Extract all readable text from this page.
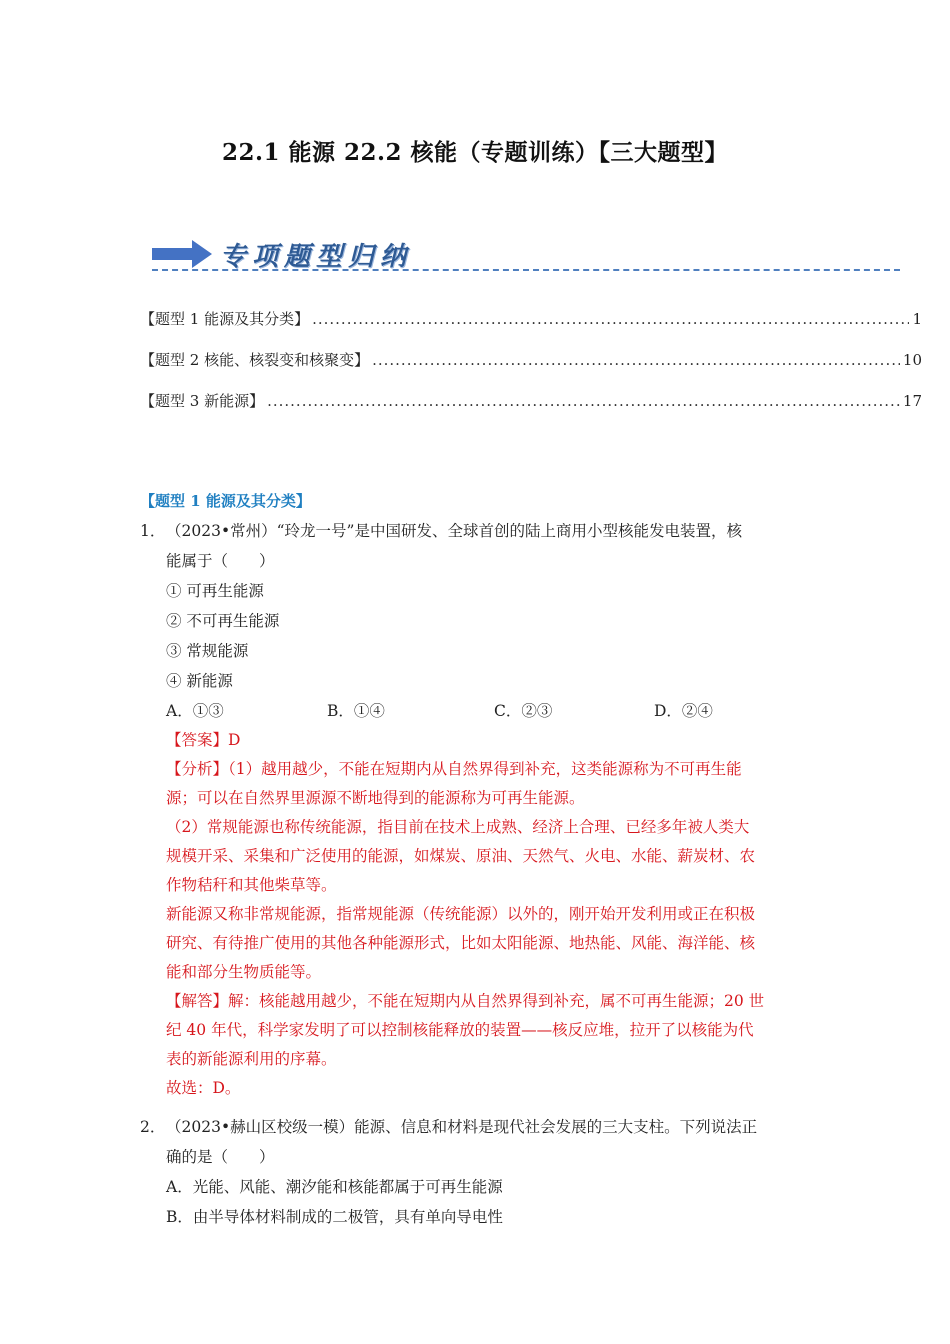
22.1 能源 22.2 核能（专题训练）【三大题型】
专项题型归纳
【题型 1 能源及其分类】 .....	1
【题型 2 核能、核裂变和核聚变】 .....	10
【题型 3 新能源】 .....	17
【题型 1 能源及其分类】
1． （2023•常州）“玲龙一号”是中国研发、全球首创的陆上商用小型核能发电装置，核
能属于（　　）
① 可再生能源
② 不可再生能源
③ 常规能源
④ 新能源
A．①③	B．①④	C．②③	D．②④
【答案】D
【分析】（1）越用越少，不能在短期内从自然界得到补充，这类能源称为不可再生能
源；可以在自然界里源源不断地得到的能源称为可再生能源。
（2）常规能源也称传统能源，指目前在技术上成熟、经济上合理、已经多年被人类大
规模开采、采集和广泛使用的能源，如煤炭、原油、天然气、火电、水能、薪炭材、农
作物秸秆和其他柴草等。
新能源又称非常规能源，指常规能源（传统能源）以外的，刚开始开发利用或正在积极
研究、有待推广使用的其他各种能源形式，比如太阳能源、地热能、风能、海洋能、核
能和部分生物质能等。
【解答】解：核能越用越少，不能在短期内从自然界得到补充，属不可再生能源；20 世
纪 40 年代，科学家发明了可以控制核能释放的装置——核反应堆，拉开了以核能为代
表的新能源利用的序幕。
故选：D。
2． （2023•赫山区校级一模）能源、信息和材料是现代社会发展的三大支柱。下列说法正
确的是（　　）
A．光能、风能、潮汐能和核能都属于可再生能源
B．由半导体材料制成的二极管，具有单向导电性
